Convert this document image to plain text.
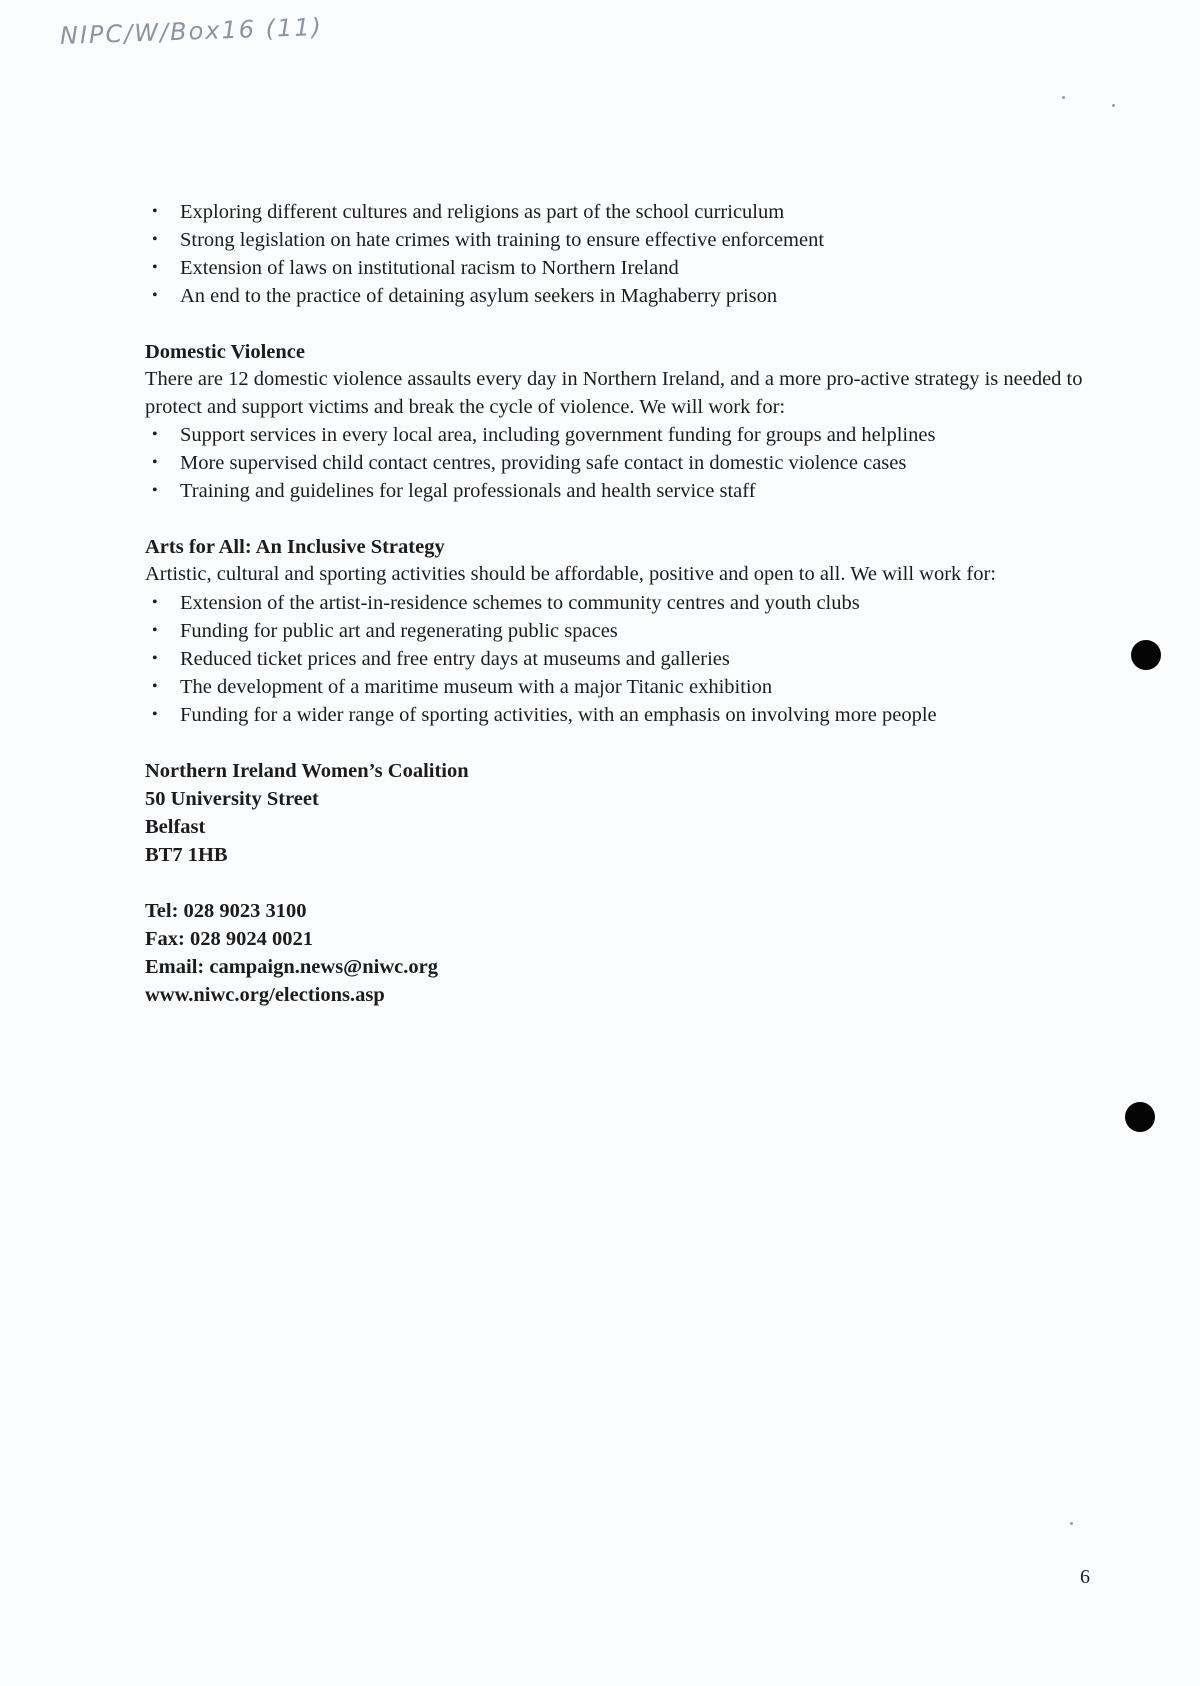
NIPC/W/Box16 (11)
• Exploring different cultures and religions as part of the school curriculum
• Strong legislation on hate crimes with training to ensure effective enforcement
• Extension of laws on institutional racism to Northern Ireland
• An end to the practice of detaining asylum seekers in Maghaberry prison
Domestic Violence

There are 12 domestic violence assaults every day in Northern Ireland, and a more pro-active strategy is needed to protect and support victims and break the cycle of violence. We will work for:

• Support services in every local area, including government funding for groups and helplines
• More supervised child contact centres, providing safe contact in domestic violence cases
• Training and guidelines for legal professionals and health service staff
Arts for All: An Inclusive Strategy

Artistic, cultural and sporting activities should be affordable, positive and open to all. We will work for:

• Extension of the artist-in-residence schemes to community centres and youth clubs
• Funding for public art and regenerating public spaces
• Reduced ticket prices and free entry days at museums and galleries
• The development of a maritime museum with a major Titanic exhibition
• Funding for a wider range of sporting activities, with an emphasis on involving more people
Northern Ireland Women’s Coalition
50 University Street
Belfast
BT7 1HB
Tel: 028 9023 3100
Fax: 028 9024 0021
Email: campaign.news@niwc.org
www.niwc.org/elections.asp
6
